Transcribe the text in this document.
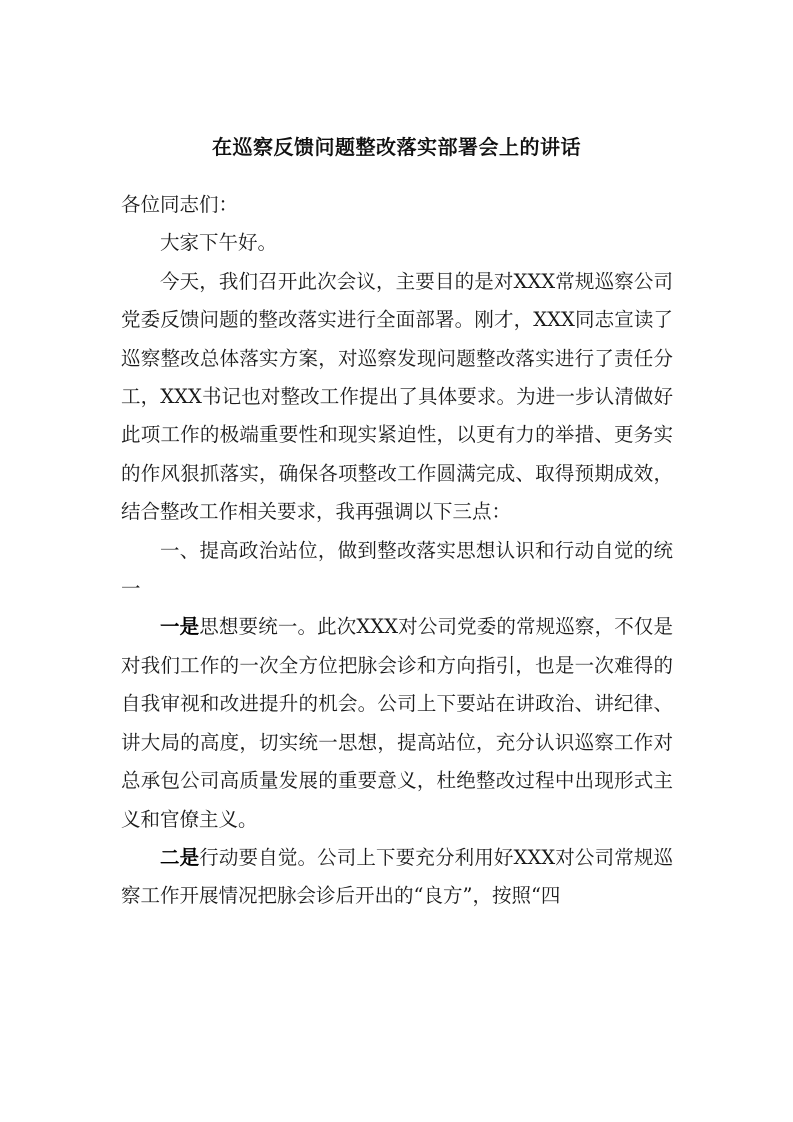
在巡察反馈问题整改落实部署会上的讲话

各位同志们：

大家下午好。

今天，我们召开此次会议，主要目的是对XXX常规巡察公司党委反馈问题的整改落实进行全面部署。刚才，XXX同志宣读了巡察整改总体落实方案，对巡察发现问题整改落实进行了责任分工，XXX书记也对整改工作提出了具体要求。为进一步认清做好此项工作的极端重要性和现实紧迫性，以更有力的举措、更务实的作风狠抓落实，确保各项整改工作圆满完成、取得预期成效，结合整改工作相关要求，我再强调以下三点：

一、提高政治站位，做到整改落实思想认识和行动自觉的统一

一是思想要统一。此次XXX对公司党委的常规巡察，不仅是对我们工作的一次全方位把脉会诊和方向指引，也是一次难得的自我审视和改进提升的机会。公司上下要站在讲政治、讲纪律、讲大局的高度，切实统一思想，提高站位，充分认识巡察工作对总承包公司高质量发展的重要意义，杜绝整改过程中出现形式主义和官僚主义。

二是行动要自觉。公司上下要充分利用好XXX对公司常规巡察工作开展情况把脉会诊后开出的“良方”，按照“四
